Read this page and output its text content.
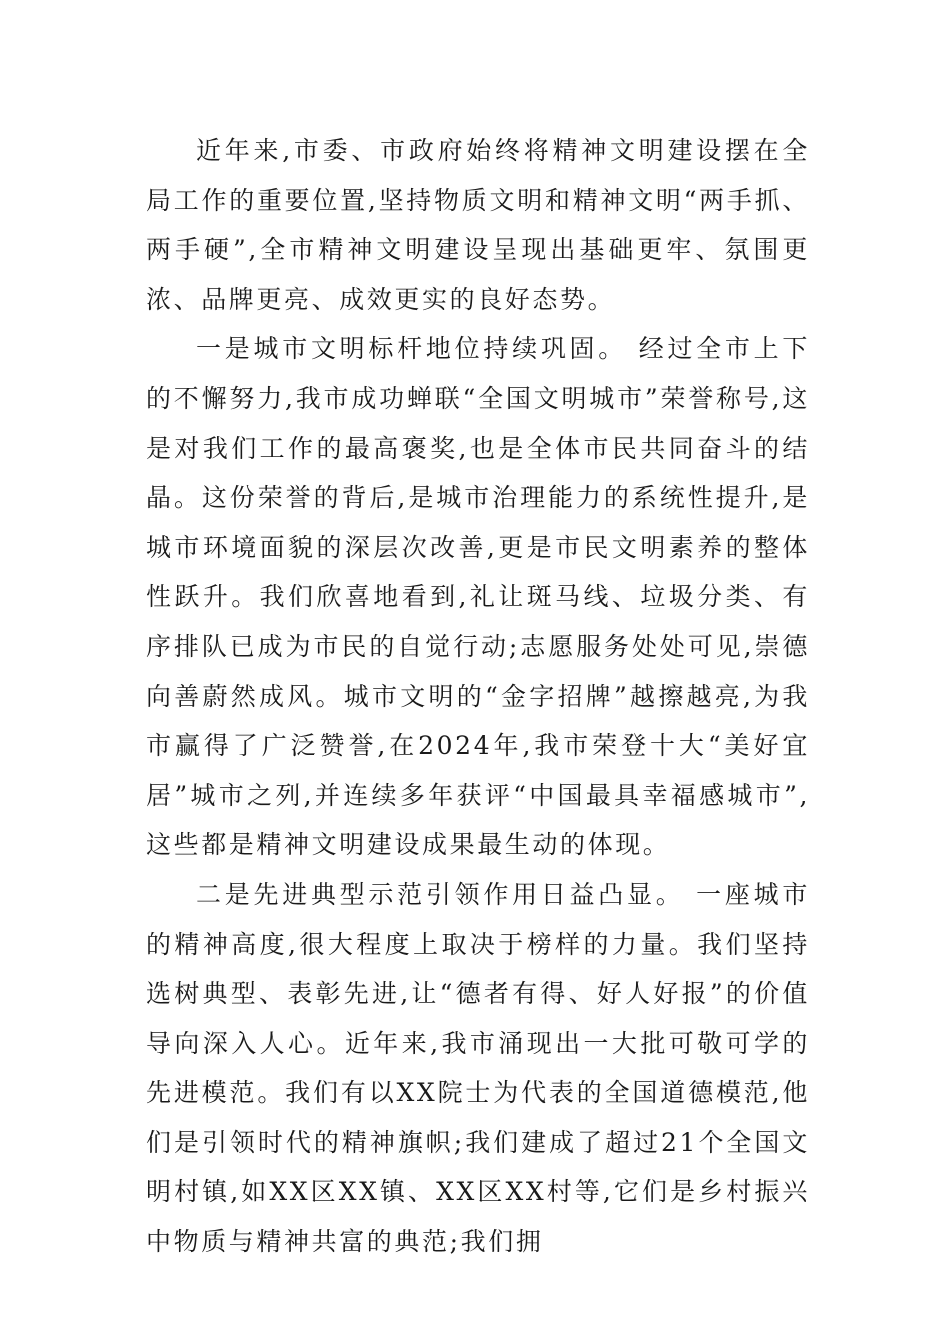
近年来,市委、市政府始终将精神文明建设摆在全局工作的重要位置,坚持物质文明和精神文明“两手抓、两手硬”,全市精神文明建设呈现出基础更牢、氛围更浓、品牌更亮、成效更实的良好态势。

一是城市文明标杆地位持续巩固。 经过全市上下的不懈努力,我市成功蝉联“全国文明城市”荣誉称号,这是对我们工作的最高褒奖,也是全体市民共同奋斗的结晶。这份荣誉的背后,是城市治理能力的系统性提升,是城市环境面貌的深层次改善,更是市民文明素养的整体性跃升。我们欣喜地看到,礼让斑马线、垃圾分类、有序排队已成为市民的自觉行动;志愿服务处处可见,崇德向善蔚然成风。城市文明的“金字招牌”越擦越亮,为我市赢得了广泛赞誉,在2024年,我市荣登十大“美好宜居”城市之列,并连续多年获评“中国最具幸福感城市”,这些都是精神文明建设成果最生动的体现。

二是先进典型示范引领作用日益凸显。 一座城市的精神高度,很大程度上取决于榜样的力量。我们坚持选树典型、表彰先进,让“德者有得、好人好报”的价值导向深入人心。近年来,我市涌现出一大批可敬可学的先进模范。我们有以XX院士为代表的全国道德模范,他们是引领时代的精神旗帜;我们建成了超过21个全国文明村镇,如XX区XX镇、XX区XX村等,它们是乡村振兴中物质与精神共富的典范;我们拥
